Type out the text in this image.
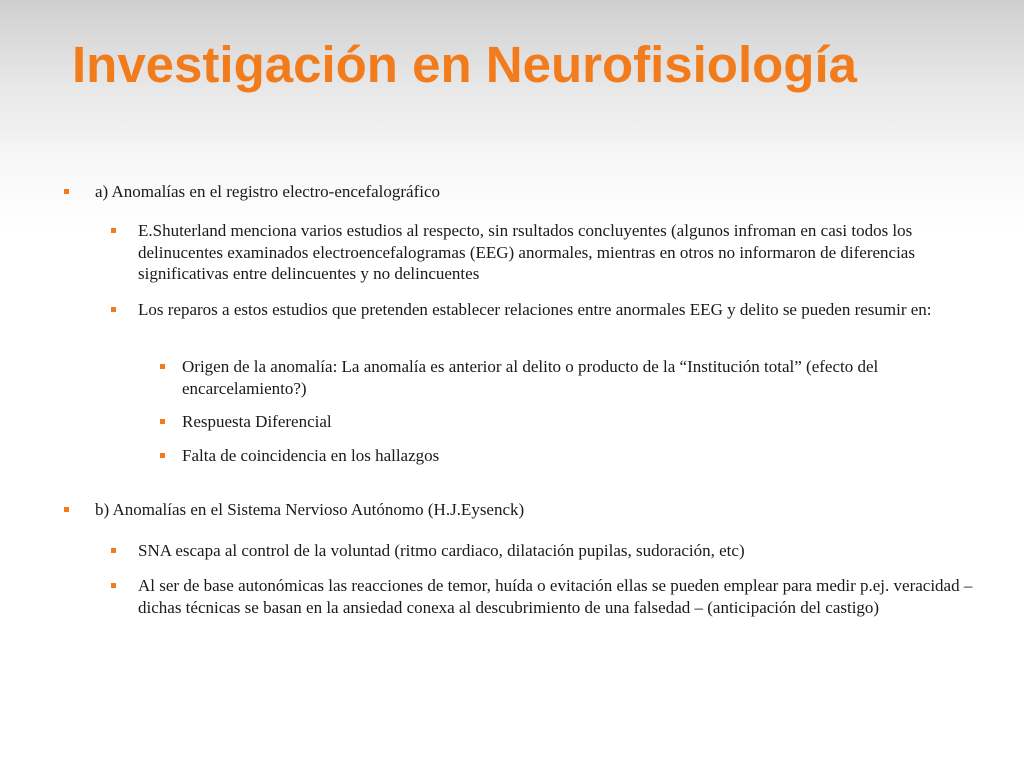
Investigación en Neurofisiología
a) Anomalías en el registro electro-encefalográfico
E.Shuterland menciona varios estudios al respecto, sin rsultados concluyentes (algunos infroman en casi todos los delinucentes examinados electroencefalogramas (EEG) anormales, mientras en otros no informaron de diferencias significativas entre delincuentes y no delincuentes
Los reparos a estos estudios que pretenden establecer relaciones entre anormales EEG y delito se pueden resumir en:
Origen de la anomalía: La anomalía es anterior al delito o producto de la “Institución total” (efecto del encarcelamiento?)
Respuesta Diferencial
Falta de coincidencia en los hallazgos
b) Anomalías en el Sistema Nervioso Autónomo (H.J.Eysenck)
SNA escapa al control de la voluntad (ritmo cardiaco, dilatación pupilas, sudoración, etc)
Al ser de base autonómicas las reacciones de temor, huída o evitación ellas se pueden emplear para medir p.ej. veracidad – dichas técnicas se basan en la ansiedad conexa al descubrimiento de una falsedad – (anticipación del castigo)
